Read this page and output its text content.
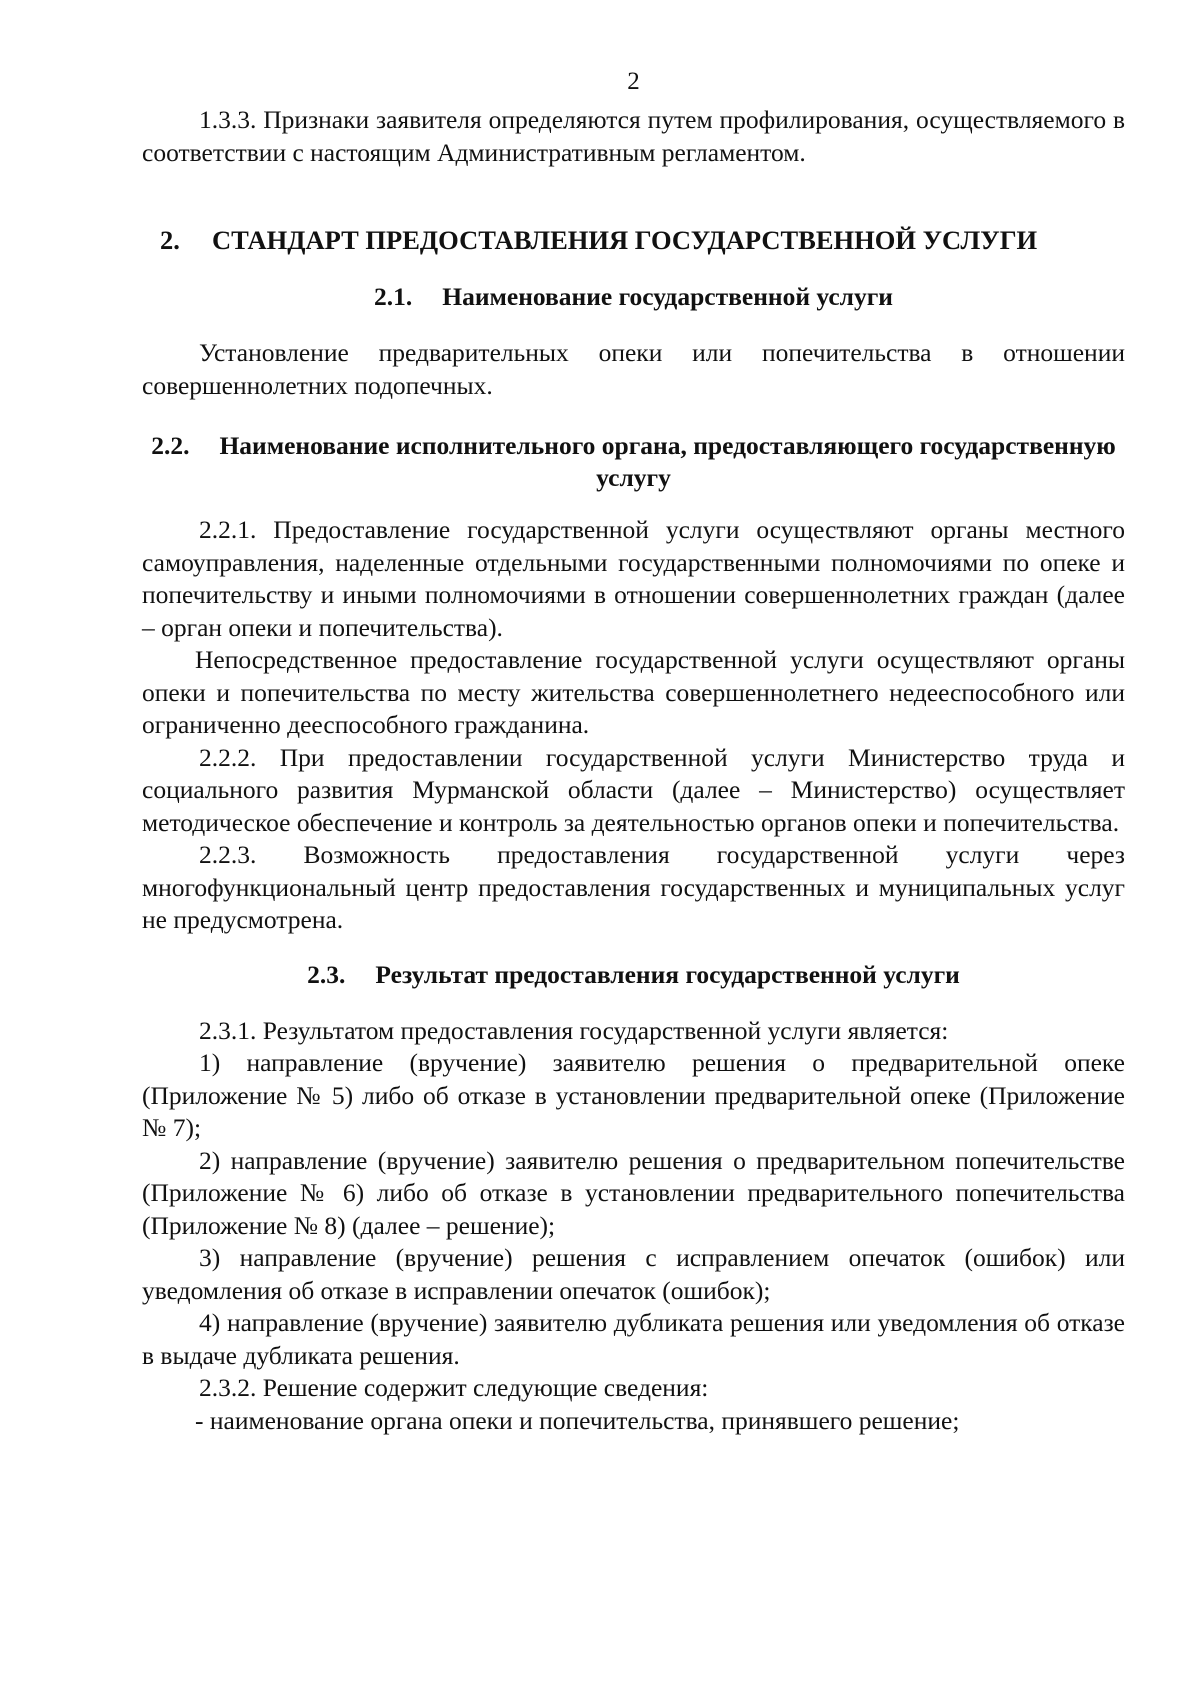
2

1.3.3. Признаки заявителя определяются путем профилирования, осуществляемого в соответствии с настоящим Административным регламентом.

2. СТАНДАРТ ПРЕДОСТАВЛЕНИЯ ГОСУДАРСТВЕННОЙ УСЛУГИ
2.1. Наименование государственной услуги

Установление предварительных опеки или попечительства в отношении совершеннолетних подопечных.

2.2. Наименование исполнительного органа, предоставляющего государственную услугу

2.2.1. Предоставление государственной услуги осуществляют органы местного самоуправления, наделенные отдельными государственными полномочиями по опеке и попечительству и иными полномочиями в отношении совершеннолетних граждан (далее – орган опеки и попечительства).

Непосредственное предоставление государственной услуги осуществляют органы опеки и попечительства по месту жительства совершеннолетнего недееспособного или ограниченно дееспособного гражданина.

2.2.2. При предоставлении государственной услуги Министерство труда и социального развития Мурманской области (далее – Министерство) осуществляет методическое обеспечение и контроль за деятельностью органов опеки и попечительства.

2.2.3. Возможность предоставления государственной услуги через многофункциональный центр предоставления государственных и муниципальных услуг не предусмотрена.

2.3. Результат предоставления государственной услуги

2.3.1. Результатом предоставления государственной услуги является:

1) направление (вручение) заявителю решения о предварительной опеке (Приложение № 5) либо об отказе в установлении предварительной опеке (Приложение № 7);

2) направление (вручение) заявителю решения о предварительном попечительстве (Приложение № 6) либо об отказе в установлении предварительного попечительства (Приложение № 8) (далее – решение);

3) направление (вручение) решения с исправлением опечаток (ошибок) или уведомления об отказе в исправлении опечаток (ошибок);

4) направление (вручение) заявителю дубликата решения или уведомления об отказе в выдаче дубликата решения.

2.3.2. Решение содержит следующие сведения:

- наименование органа опеки и попечительства, принявшего решение;
